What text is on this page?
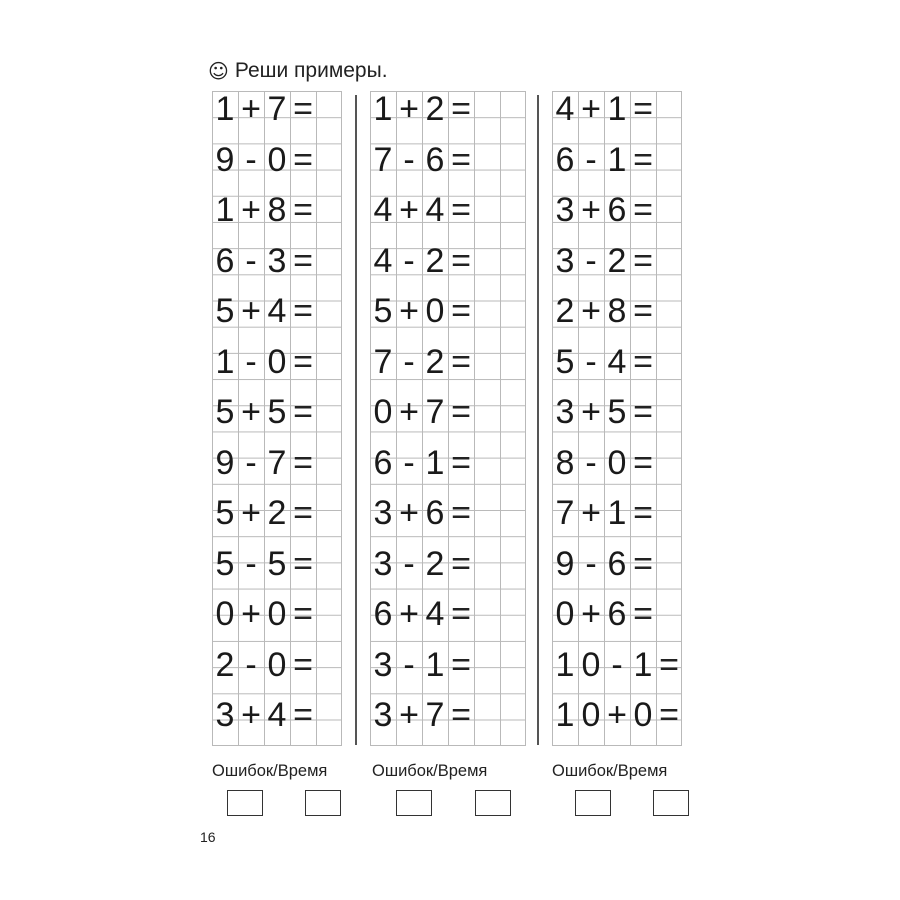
☺ Реши примеры.
1 + 7 =
9 - 0 =
1 + 8 =
6 - 3 =
5 + 4 =
1 - 0 =
5 + 5 =
9 - 7 =
5 + 2 =
5 - 5 =
0 + 0 =
2 - 0 =
3 + 4 =
1 + 2 =
7 - 6 =
4 + 4 =
4 - 2 =
5 + 0 =
7 - 2 =
0 + 7 =
6 - 1 =
3 + 6 =
3 - 2 =
6 + 4 =
3 - 1 =
3 + 7 =
4 + 1 =
6 - 1 =
3 + 6 =
3 - 2 =
2 + 8 =
5 - 4 =
3 + 5 =
8 - 0 =
7 + 1 =
9 - 6 =
0 + 6 =
1 0 - 1 =
1 0 + 0 =
Ошибок/Время	Ошибок/Время	Ошибок/Время
16
